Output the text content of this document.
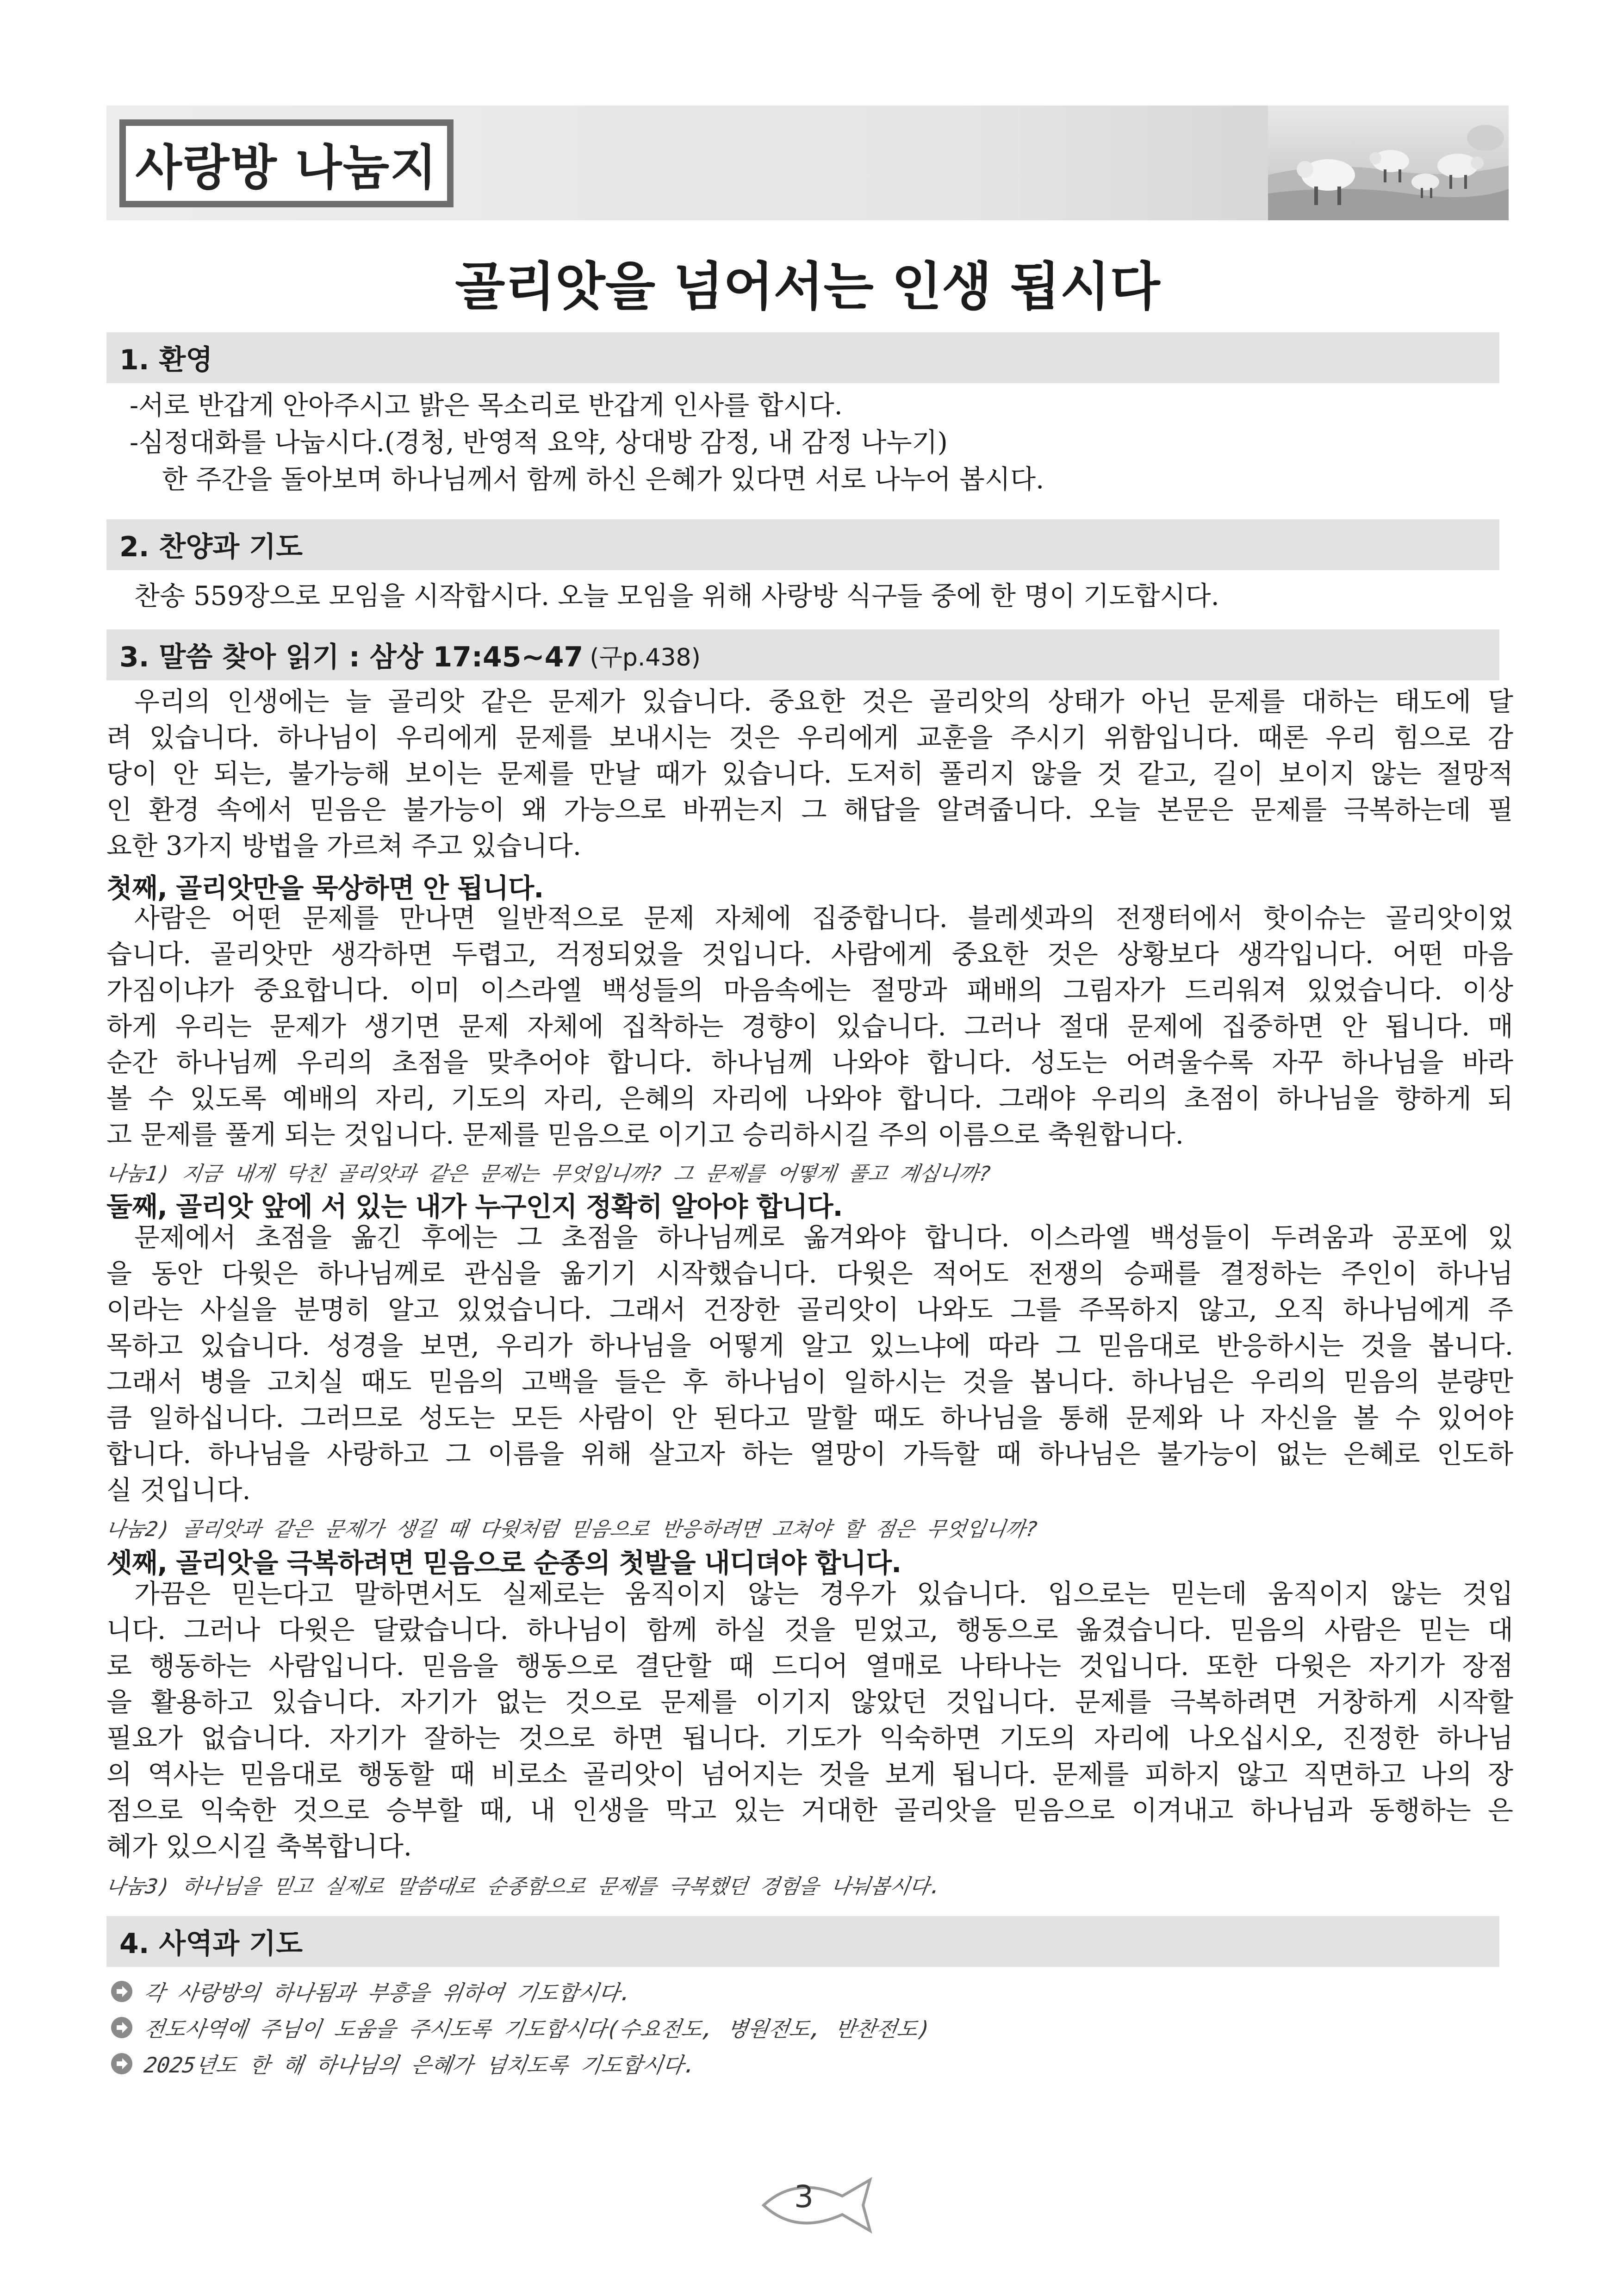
사랑방 나눔지
골리앗을 넘어서는 인생 됩시다
1. 환영
-서로 반갑게 안아주시고 밝은 목소리로 반갑게 인사를 합시다.
-심정대화를 나눕시다.(경청, 반영적 요약, 상대방 감정, 내 감정 나누기)
한 주간을 돌아보며 하나님께서 함께 하신 은혜가 있다면 서로 나누어 봅시다.
2. 찬양과 기도
찬송 559장으로 모임을 시작합시다. 오늘 모임을 위해 사랑방 식구들 중에 한 명이 기도합시다.
3. 말씀 찾아 읽기 : 삼상 17:45~47 (구p.438)
우리의 인생에는 늘 골리앗 같은 문제가 있습니다. 중요한 것은 골리앗의 상태가 아닌 문제를 대하는 태도에 달
려 있습니다. 하나님이 우리에게 문제를 보내시는 것은 우리에게 교훈을 주시기 위함입니다. 때론 우리 힘으로 감
당이 안 되는, 불가능해 보이는 문제를 만날 때가 있습니다. 도저히 풀리지 않을 것 같고, 길이 보이지 않는 절망적
인 환경 속에서 믿음은 불가능이 왜 가능으로 바뀌는지 그 해답을 알려줍니다. 오늘 본문은 문제를 극복하는데 필
요한 3가지 방법을 가르쳐 주고 있습니다.
첫째, 골리앗만을 묵상하면 안 됩니다.
사람은 어떤 문제를 만나면 일반적으로 문제 자체에 집중합니다. 블레셋과의 전쟁터에서 핫이슈는 골리앗이었
습니다. 골리앗만 생각하면 두렵고, 걱정되었을 것입니다. 사람에게 중요한 것은 상황보다 생각입니다. 어떤 마음
가짐이냐가 중요합니다. 이미 이스라엘 백성들의 마음속에는 절망과 패배의 그림자가 드리워져 있었습니다. 이상
하게 우리는 문제가 생기면 문제 자체에 집착하는 경향이 있습니다. 그러나 절대 문제에 집중하면 안 됩니다. 매
순간 하나님께 우리의 초점을 맞추어야 합니다. 하나님께 나와야 합니다. 성도는 어려울수록 자꾸 하나님을 바라
볼 수 있도록 예배의 자리, 기도의 자리, 은혜의 자리에 나와야 합니다. 그래야 우리의 초점이 하나님을 향하게 되
고 문제를 풀게 되는 것입니다. 문제를 믿음으로 이기고 승리하시길 주의 이름으로 축원합니다.
나눔1) 지금 내게 닥친 골리앗과 같은 문제는 무엇입니까? 그 문제를 어떻게 풀고 계십니까?
둘째, 골리앗 앞에 서 있는 내가 누구인지 정확히 알아야 합니다.
문제에서 초점을 옮긴 후에는 그 초점을 하나님께로 옮겨와야 합니다. 이스라엘 백성들이 두려움과 공포에 있
을 동안 다윗은 하나님께로 관심을 옮기기 시작했습니다. 다윗은 적어도 전쟁의 승패를 결정하는 주인이 하나님
이라는 사실을 분명히 알고 있었습니다. 그래서 건장한 골리앗이 나와도 그를 주목하지 않고, 오직 하나님에게 주
목하고 있습니다. 성경을 보면, 우리가 하나님을 어떻게 알고 있느냐에 따라 그 믿음대로 반응하시는 것을 봅니다.
그래서 병을 고치실 때도 믿음의 고백을 들은 후 하나님이 일하시는 것을 봅니다. 하나님은 우리의 믿음의 분량만
큼 일하십니다. 그러므로 성도는 모든 사람이 안 된다고 말할 때도 하나님을 통해 문제와 나 자신을 볼 수 있어야
합니다. 하나님을 사랑하고 그 이름을 위해 살고자 하는 열망이 가득할 때 하나님은 불가능이 없는 은혜로 인도하
실 것입니다.
나눔2) 골리앗과 같은 문제가 생길 때 다윗처럼 믿음으로 반응하려면 고쳐야 할 점은 무엇입니까?
셋째, 골리앗을 극복하려면 믿음으로 순종의 첫발을 내디뎌야 합니다.
가끔은 믿는다고 말하면서도 실제로는 움직이지 않는 경우가 있습니다. 입으로는 믿는데 움직이지 않는 것입
니다. 그러나 다윗은 달랐습니다. 하나님이 함께 하실 것을 믿었고, 행동으로 옮겼습니다. 믿음의 사람은 믿는 대
로 행동하는 사람입니다. 믿음을 행동으로 결단할 때 드디어 열매로 나타나는 것입니다. 또한 다윗은 자기가 장점
을 활용하고 있습니다. 자기가 없는 것으로 문제를 이기지 않았던 것입니다. 문제를 극복하려면 거창하게 시작할
필요가 없습니다. 자기가 잘하는 것으로 하면 됩니다. 기도가 익숙하면 기도의 자리에 나오십시오, 진정한 하나님
의 역사는 믿음대로 행동할 때 비로소 골리앗이 넘어지는 것을 보게 됩니다. 문제를 피하지 않고 직면하고 나의 장
점으로 익숙한 것으로 승부할 때, 내 인생을 막고 있는 거대한 골리앗을 믿음으로 이겨내고 하나님과 동행하는 은
혜가 있으시길 축복합니다.
나눔3) 하나님을 믿고 실제로 말씀대로 순종함으로 문제를 극복했던 경험을 나눠봅시다.
4. 사역과 기도
각 사랑방의 하나됨과 부흥을 위하여 기도합시다.
전도사역에 주님이 도움을 주시도록 기도합시다(수요전도, 병원전도, 반찬전도)
2025년도 한 해 하나님의 은혜가 넘치도록 기도합시다.
3
